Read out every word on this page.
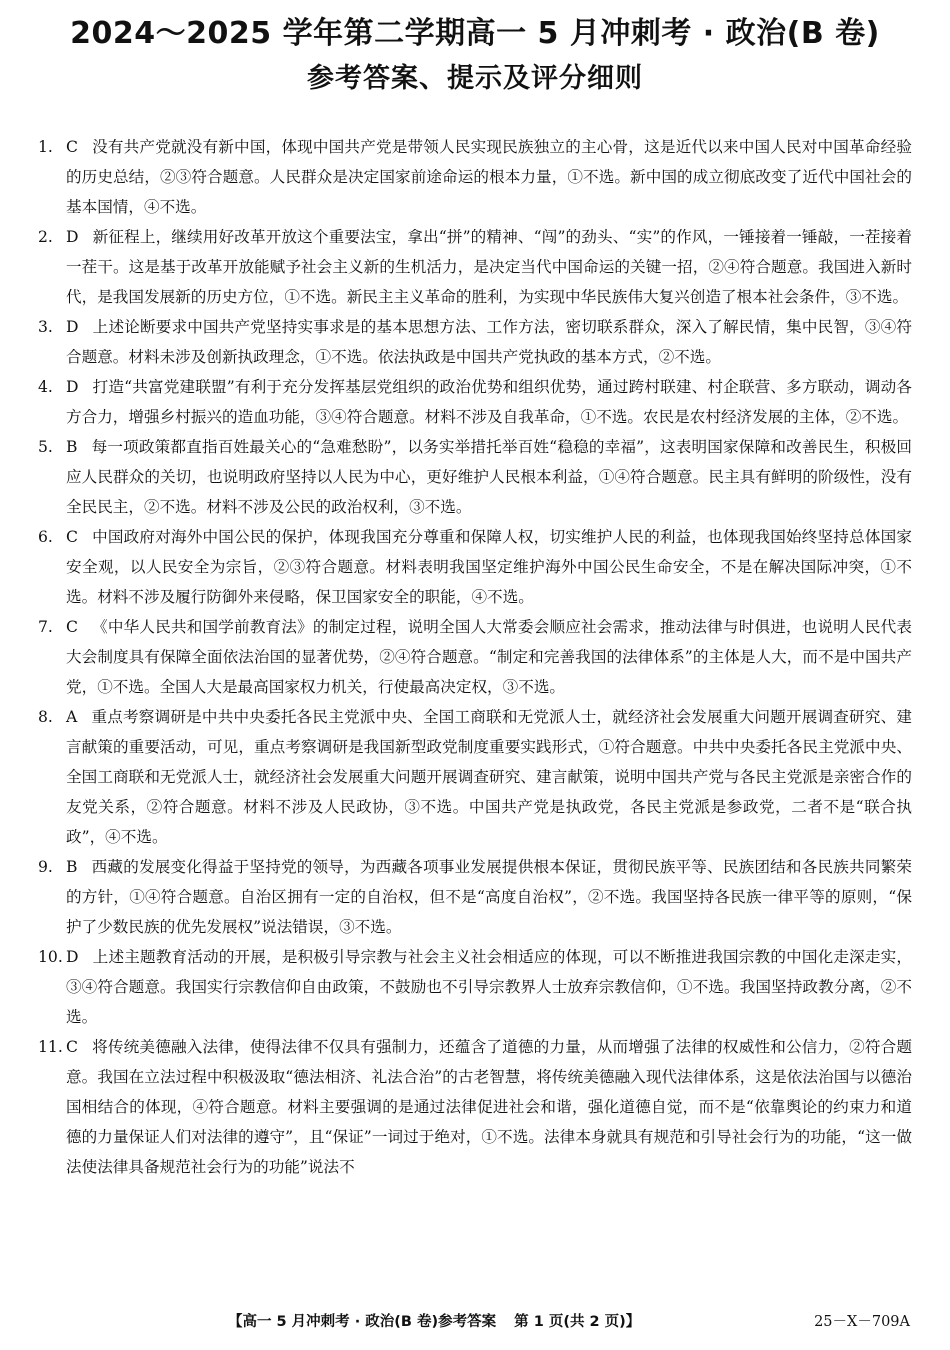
2024～2025 学年第二学期高一 5 月冲刺考 · 政治(B 卷)
参考答案、提示及评分细则
1. C 没有共产党就没有新中国，体现中国共产党是带领人民实现民族独立的主心骨，这是近代以来中国人民对中国革命经验的历史总结，②③符合题意。人民群众是决定国家前途命运的根本力量，①不选。新中国的成立彻底改变了近代中国社会的基本国情，④不选。
2. D 新征程上，继续用好改革开放这个重要法宝，拿出“拼”的精神、“闯”的劲头、“实”的作风，一锤接着一锤敲，一茬接着一茬干。这是基于改革开放能赋予社会主义新的生机活力，是决定当代中国命运的关键一招，②④符合题意。我国进入新时代，是我国发展新的历史方位，①不选。新民主主义革命的胜利，为实现中华民族伟大复兴创造了根本社会条件，③不选。
3. D 上述论断要求中国共产党坚持实事求是的基本思想方法、工作方法，密切联系群众，深入了解民情，集中民智，③④符合题意。材料未涉及创新执政理念，①不选。依法执政是中国共产党执政的基本方式，②不选。
4. D 打造“共富党建联盟”有利于充分发挥基层党组织的政治优势和组织优势，通过跨村联建、村企联营、多方联动，调动各方合力，增强乡村振兴的造血功能，③④符合题意。材料不涉及自我革命，①不选。农民是农村经济发展的主体，②不选。
5. B 每一项政策都直指百姓最关心的“急难愁盼”，以务实举措托举百姓“稳稳的幸福”，这表明国家保障和改善民生，积极回应人民群众的关切，也说明政府坚持以人民为中心，更好维护人民根本利益，①④符合题意。民主具有鲜明的阶级性，没有全民民主，②不选。材料不涉及公民的政治权利，③不选。
6. C 中国政府对海外中国公民的保护，体现我国充分尊重和保障人权，切实维护人民的利益，也体现我国始终坚持总体国家安全观，以人民安全为宗旨，②③符合题意。材料表明我国坚定维护海外中国公民生命安全，不是在解决国际冲突，①不选。材料不涉及履行防御外来侵略，保卫国家安全的职能，④不选。
7. C 《中华人民共和国学前教育法》的制定过程，说明全国人大常委会顺应社会需求，推动法律与时俱进，也说明人民代表大会制度具有保障全面依法治国的显著优势，②④符合题意。“制定和完善我国的法律体系”的主体是人大，而不是中国共产党，①不选。全国人大是最高国家权力机关，行使最高决定权，③不选。
8. A 重点考察调研是中共中央委托各民主党派中央、全国工商联和无党派人士，就经济社会发展重大问题开展调查研究、建言献策的重要活动，可见，重点考察调研是我国新型政党制度重要实践形式，①符合题意。中共中央委托各民主党派中央、全国工商联和无党派人士，就经济社会发展重大问题开展调查研究、建言献策，说明中国共产党与各民主党派是亲密合作的友党关系，②符合题意。材料不涉及人民政协，③不选。中国共产党是执政党，各民主党派是参政党，二者不是“联合执政”，④不选。
9. B 西藏的发展变化得益于坚持党的领导，为西藏各项事业发展提供根本保证，贯彻民族平等、民族团结和各民族共同繁荣的方针，①④符合题意。自治区拥有一定的自治权，但不是“高度自治权”，②不选。我国坚持各民族一律平等的原则，“保护了少数民族的优先发展权”说法错误，③不选。
10. D 上述主题教育活动的开展，是积极引导宗教与社会主义社会相适应的体现，可以不断推进我国宗教的中国化走深走实，③④符合题意。我国实行宗教信仰自由政策，不鼓励也不引导宗教界人士放弃宗教信仰，①不选。我国坚持政教分离，②不选。
11. C 将传统美德融入法律，使得法律不仅具有强制力，还蕴含了道德的力量，从而增强了法律的权威性和公信力，②符合题意。我国在立法过程中积极汲取“德法相济、礼法合治”的古老智慧，将传统美德融入现代法律体系，这是依法治国与以德治国相结合的体现，④符合题意。材料主要强调的是通过法律促进社会和谐，强化道德自觉，而不是“依靠舆论的约束力和道德的力量保证人们对法律的遵守”，且“保证”一词过于绝对，①不选。法律本身就具有规范和引导社会行为的功能，“这一做法使法律具备规范社会行为的功能”说法不
【高一 5 月冲刺考 · 政治(B 卷)参考答案 第 1 页(共 2 页)】	25－X－709A
